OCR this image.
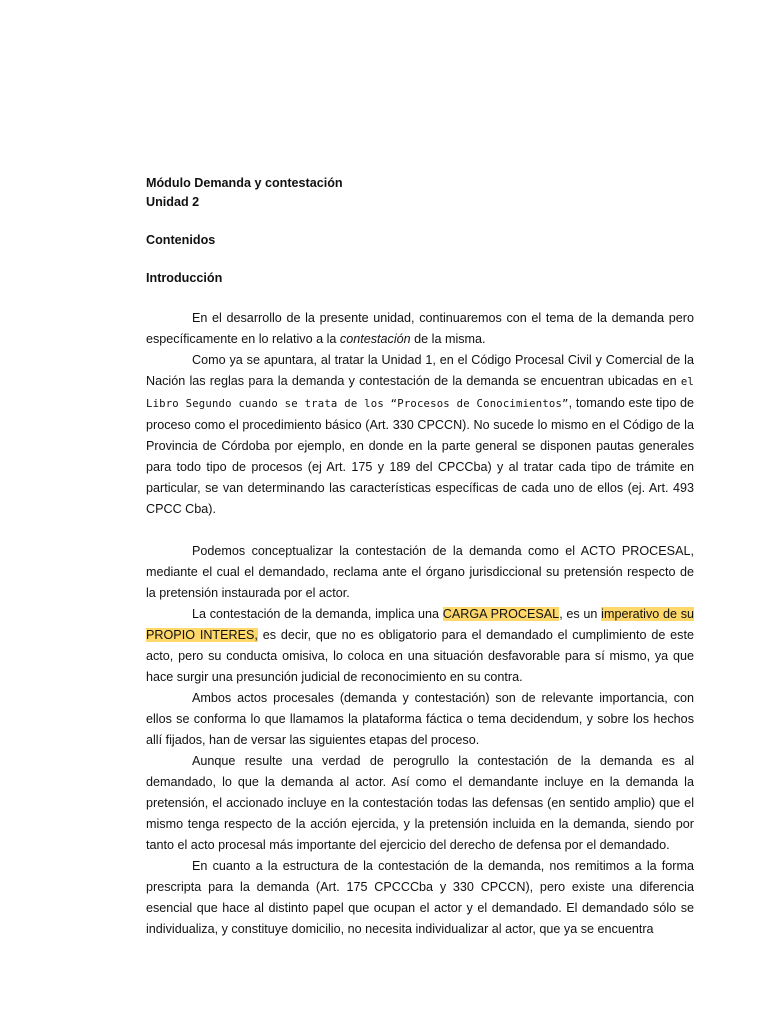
Módulo Demanda y contestación
Unidad 2
Contenidos
Introducción

En el desarrollo de la presente unidad, continuaremos con el tema de la demanda pero específicamente en lo relativo a la contestación de la misma.

Como ya se apuntara, al tratar la Unidad 1, en el Código Procesal Civil y Comercial de la Nación las reglas para la demanda y contestación de la demanda se encuentran ubicadas en el Libro Segundo cuando se trata de los “Procesos de Conocimientos”, tomando este tipo de proceso como el procedimiento básico (Art. 330 CPCCN). No sucede lo mismo en el Código de la Provincia de Córdoba por ejemplo, en donde en la parte general se disponen pautas generales para todo tipo de procesos (ej Art. 175 y 189 del CPCCba) y al tratar cada tipo de trámite en particular, se van determinando las características específicas de cada uno de ellos (ej. Art. 493 CPCC Cba).

Podemos conceptualizar la contestación de la demanda como el ACTO PROCESAL, mediante el cual el demandado, reclama ante el órgano jurisdiccional su pretensión respecto de la pretensión instaurada por el actor.

La contestación de la demanda, implica una CARGA PROCESAL, es un imperativo de su PROPIO INTERES, es decir, que no es obligatorio para el demandado el cumplimiento de este acto, pero su conducta omisiva, lo coloca en una situación desfavorable para sí mismo, ya que hace surgir una presunción judicial de reconocimiento en su contra.

Ambos actos procesales (demanda y contestación) son de relevante importancia, con ellos se conforma lo que llamamos la plataforma fáctica o tema decidendum, y sobre los hechos allí fijados, han de versar las siguientes etapas del proceso.

Aunque resulte una verdad de perogrullo la contestación de la demanda es al demandado, lo que la demanda al actor. Así como el demandante incluye en la demanda la pretensión, el accionado incluye en la contestación todas las defensas (en sentido amplio) que el mismo tenga respecto de la acción ejercida, y la pretensión incluida en la demanda, siendo por tanto el acto procesal más importante del ejercicio del derecho de defensa por el demandado.

En cuanto a la estructura de la contestación de la demanda, nos remitimos a la forma prescripta para la demanda (Art. 175 CPCCCba y 330 CPCCN), pero existe una diferencia esencial que hace al distinto papel que ocupan el actor y el demandado. El demandado sólo se individualiza, y constituye domicilio, no necesita individualizar al actor, que ya se encuentra
